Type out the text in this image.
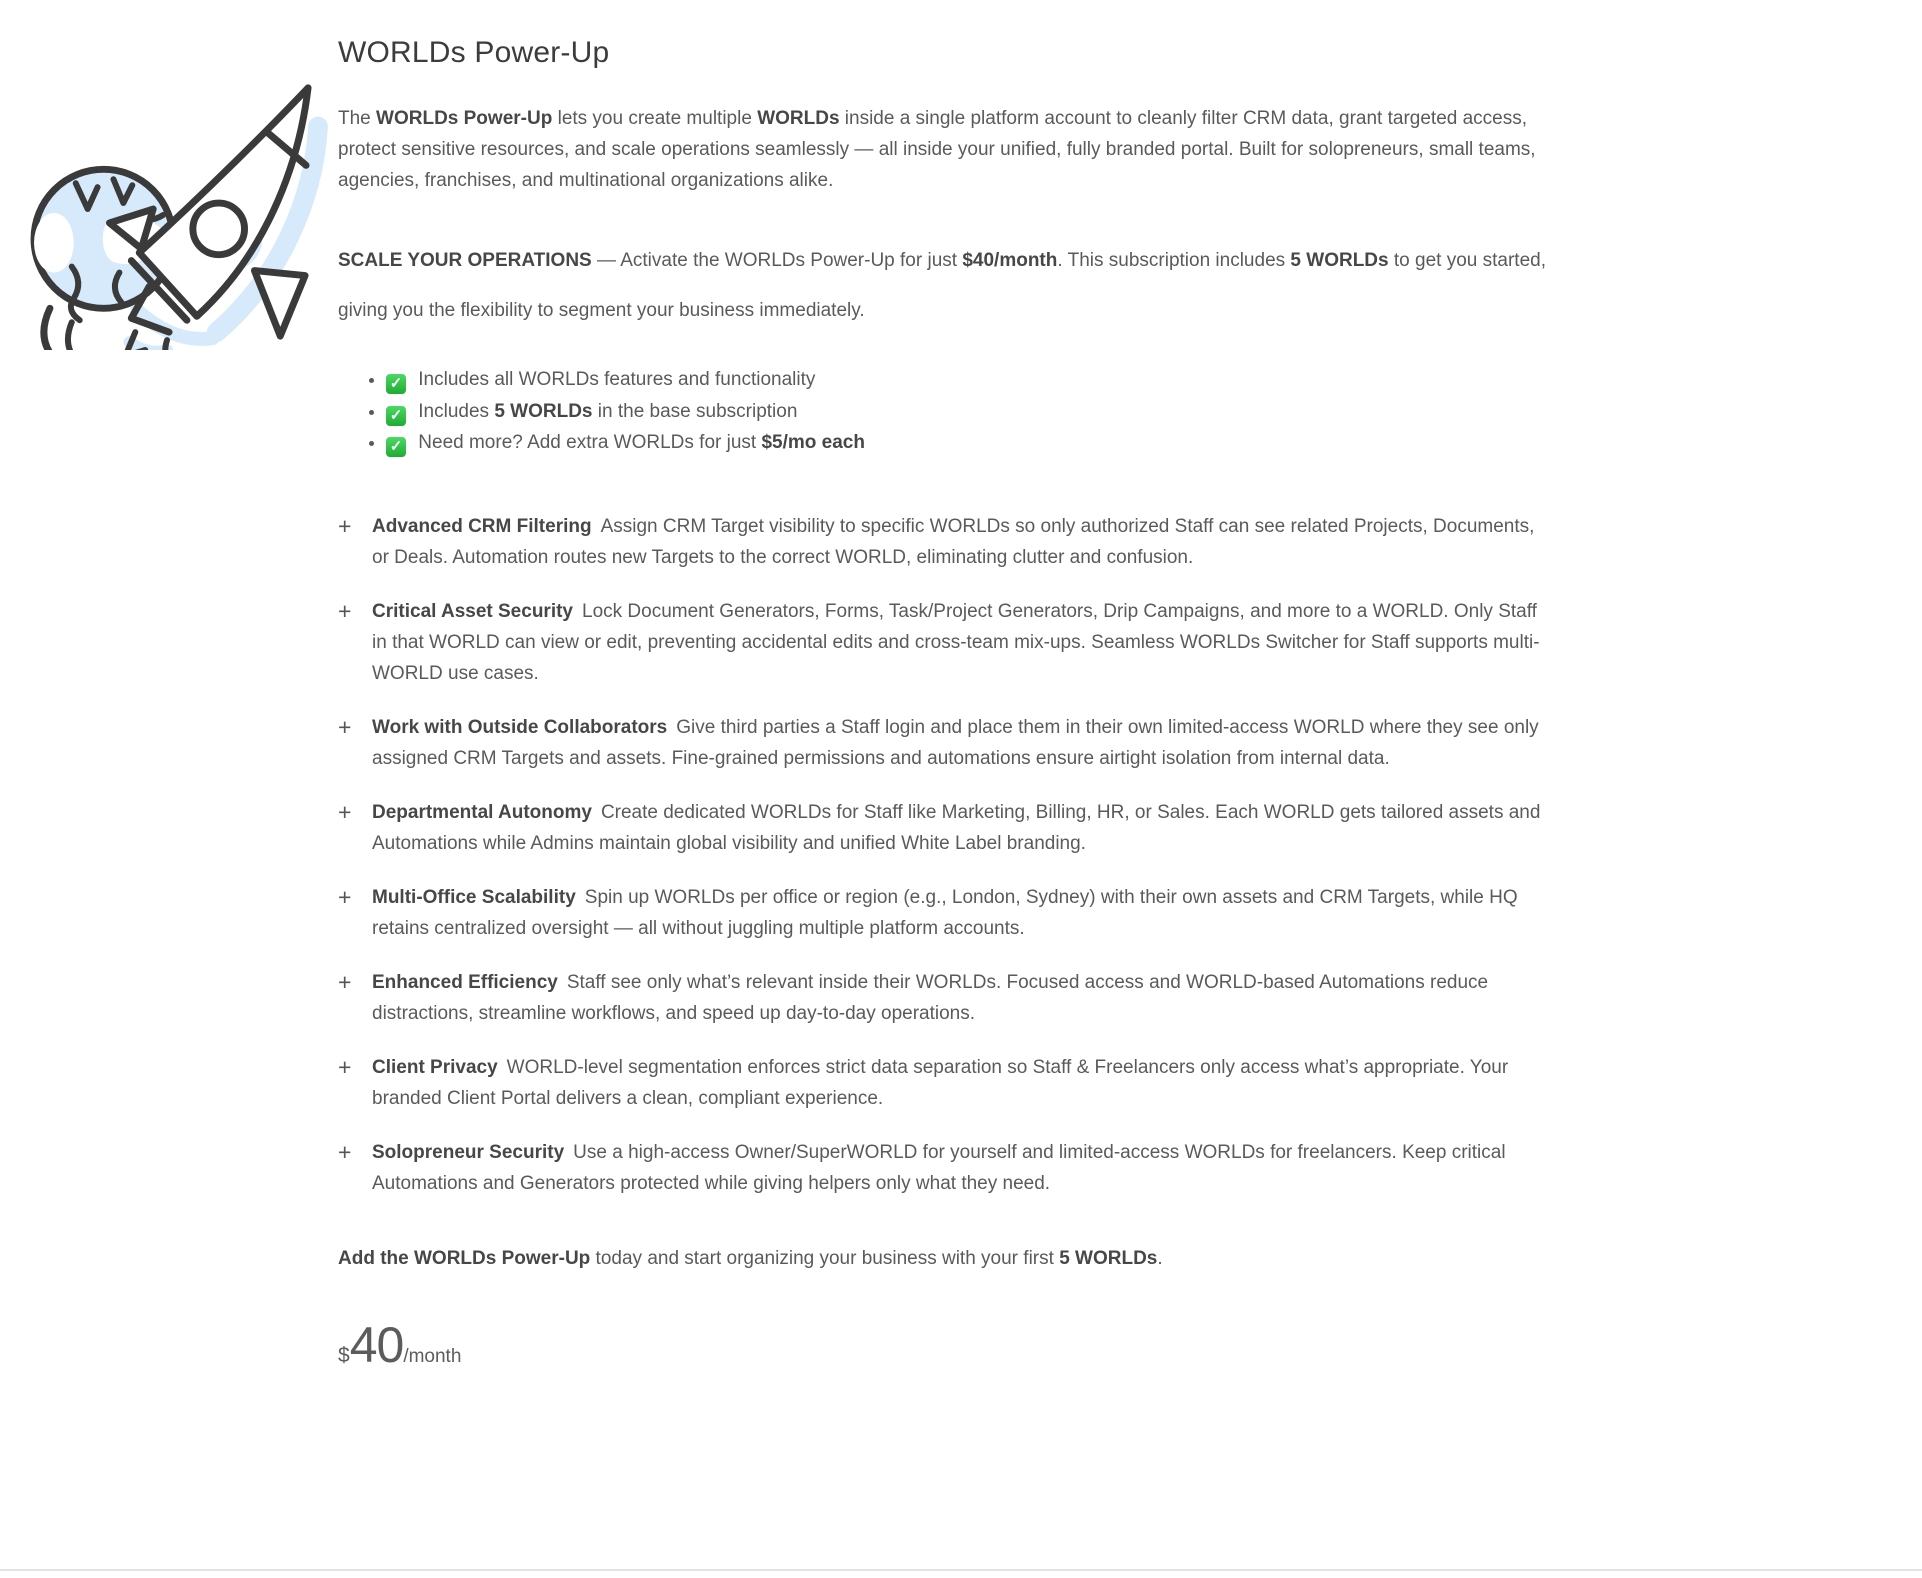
WORLDs Power-Up

The WORLDs Power-Up lets you create multiple WORLDs inside a single platform account to cleanly filter CRM data, grant targeted access, protect sensitive resources, and scale operations seamlessly — all inside your unified, fully branded portal. Built for solopreneurs, small teams, agencies, franchises, and multinational organizations alike.

SCALE YOUR OPERATIONS — Activate the WORLDs Power-Up for just $40/month. This subscription includes 5 WORLDs to get you started, giving you the flexibility to segment your business immediately.

• ✓ Includes all WORLDs features and functionality
• ✓ Includes 5 WORLDs in the base subscription
• ✓ Need more? Add extra WORLDs for just $5/mo each
+	Advanced CRM Filtering Assign CRM Target visibility to specific WORLDs so only authorized Staff can see related Projects, Documents, or Deals. Automation routes new Targets to the correct WORLD, eliminating clutter and confusion.

+	Critical Asset Security Lock Document Generators, Forms, Task/Project Generators, Drip Campaigns, and more to a WORLD. Only Staff in that WORLD can view or edit, preventing accidental edits and cross-team mix-ups. Seamless WORLDs Switcher for Staff supports multi-WORLD use cases.

+	Work with Outside Collaborators Give third parties a Staff login and place them in their own limited-access WORLD where they see only assigned CRM Targets and assets. Fine-grained permissions and automations ensure airtight isolation from internal data.

+	Departmental Autonomy Create dedicated WORLDs for Staff like Marketing, Billing, HR, or Sales. Each WORLD gets tailored assets and Automations while Admins maintain global visibility and unified White Label branding.

+	Multi-Office Scalability Spin up WORLDs per office or region (e.g., London, Sydney) with their own assets and CRM Targets, while HQ retains centralized oversight — all without juggling multiple platform accounts.

+	Enhanced Efficiency Staff see only what’s relevant inside their WORLDs. Focused access and WORLD-based Automations reduce distractions, streamline workflows, and speed up day-to-day operations.

+	Client Privacy WORLD-level segmentation enforces strict data separation so Staff & Freelancers only access what’s appropriate. Your branded Client Portal delivers a clean, compliant experience.

+	Solopreneur Security Use a high-access Owner/SuperWORLD for yourself and limited-access WORLDs for freelancers. Keep critical Automations and Generators protected while giving helpers only what they need.

Add the WORLDs Power-Up today and start organizing your business with your first 5 WORLDs.

$40/month
